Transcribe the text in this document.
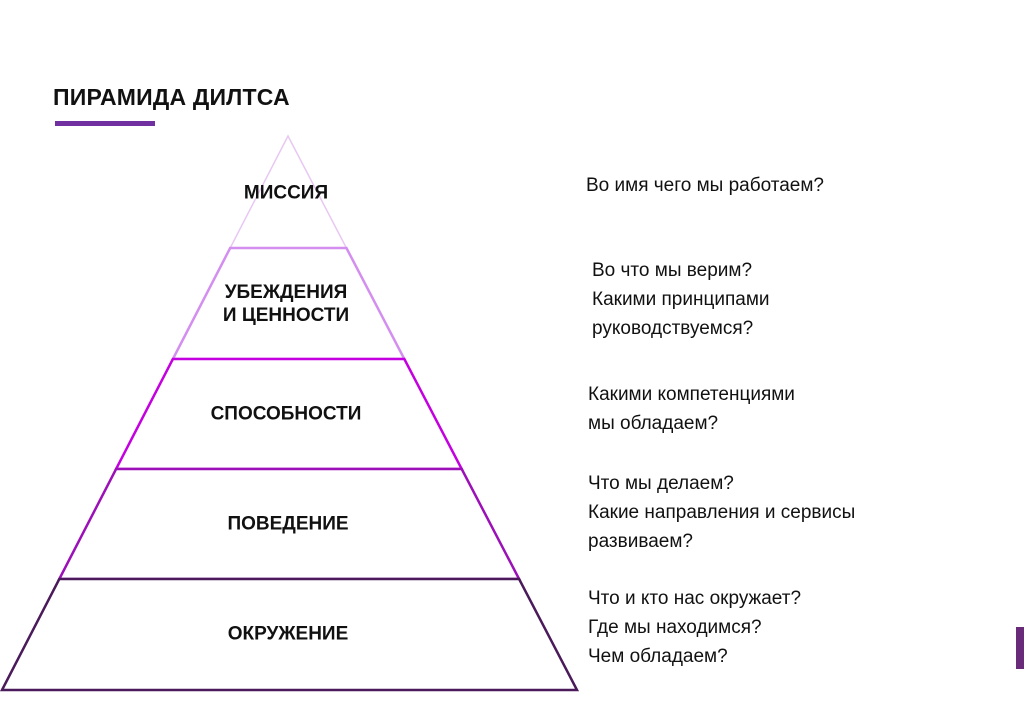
ПИРАМИДА ДИЛТСА
МИССИЯ
УБЕЖДЕНИЯ
И ЦЕННОСТИ
СПОСОБНОСТИ
ПОВЕДЕНИЕ
ОКРУЖЕНИЕ
Во имя чего мы работаем?
Во что мы верим?
Какими принципами
руководствуемся?
Какими компетенциями
мы обладаем?
Что мы делаем?
Какие направления и сервисы
развиваем?
Что и кто нас окружает?
Где мы находимся?
Чем обладаем?
